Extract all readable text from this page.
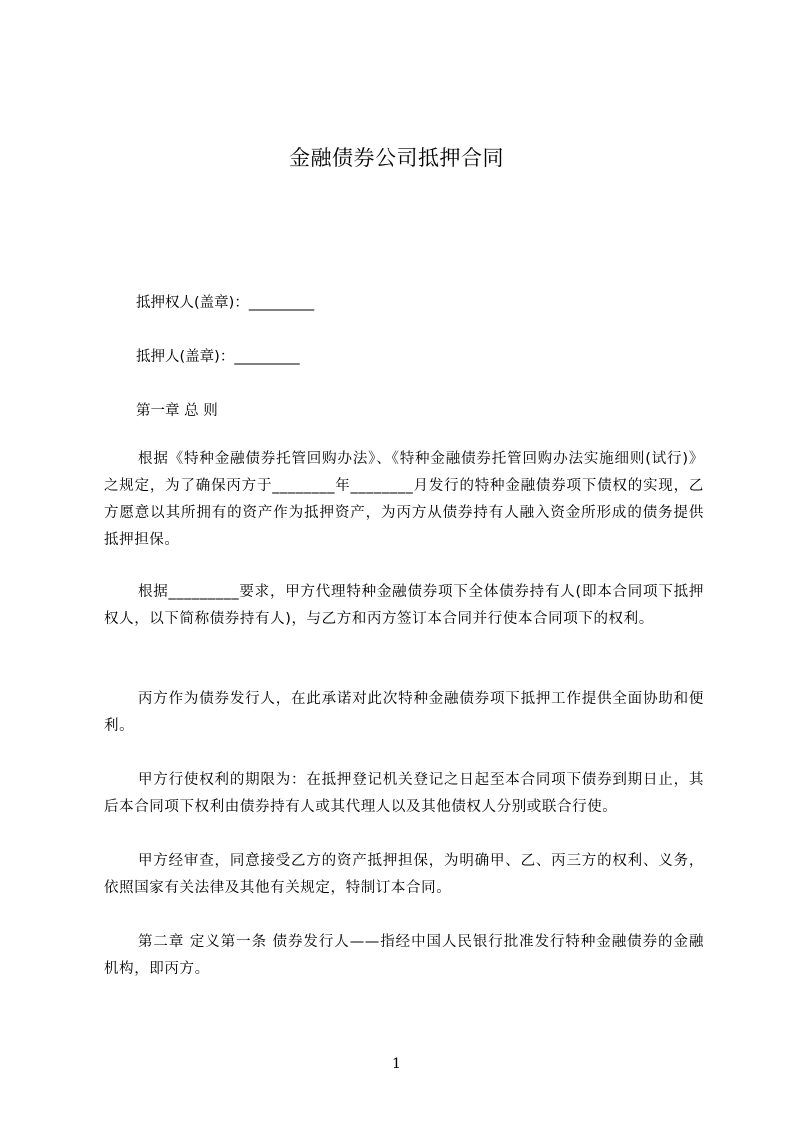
金融债券公司抵押合同
抵押权人(盖章)：_________
抵押人(盖章)：_________
第一章 总 则
根据《特种金融债券托管回购办法》、《特种金融债券托管回购办法实施细则(试行)》之规定，为了确保丙方于________年________月发行的特种金融债券项下债权的实现，乙方愿意以其所拥有的资产作为抵押资产，为丙方从债券持有人融入资金所形成的债务提供抵押担保。
根据_________要求，甲方代理特种金融债券项下全体债券持有人(即本合同项下抵押权人，以下简称债券持有人)，与乙方和丙方签订本合同并行使本合同项下的权利。
丙方作为债券发行人，在此承诺对此次特种金融债券项下抵押工作提供全面协助和便利。
甲方行使权利的期限为：在抵押登记机关登记之日起至本合同项下债券到期日止，其后本合同项下权利由债券持有人或其代理人以及其他债权人分别或联合行使。
甲方经审查，同意接受乙方的资产抵押担保，为明确甲、乙、丙三方的权利、义务，依照国家有关法律及其他有关规定，特制订本合同。
第二章 定义第一条 债券发行人——指经中国人民银行批准发行特种金融债券的金融机构，即丙方。
1
